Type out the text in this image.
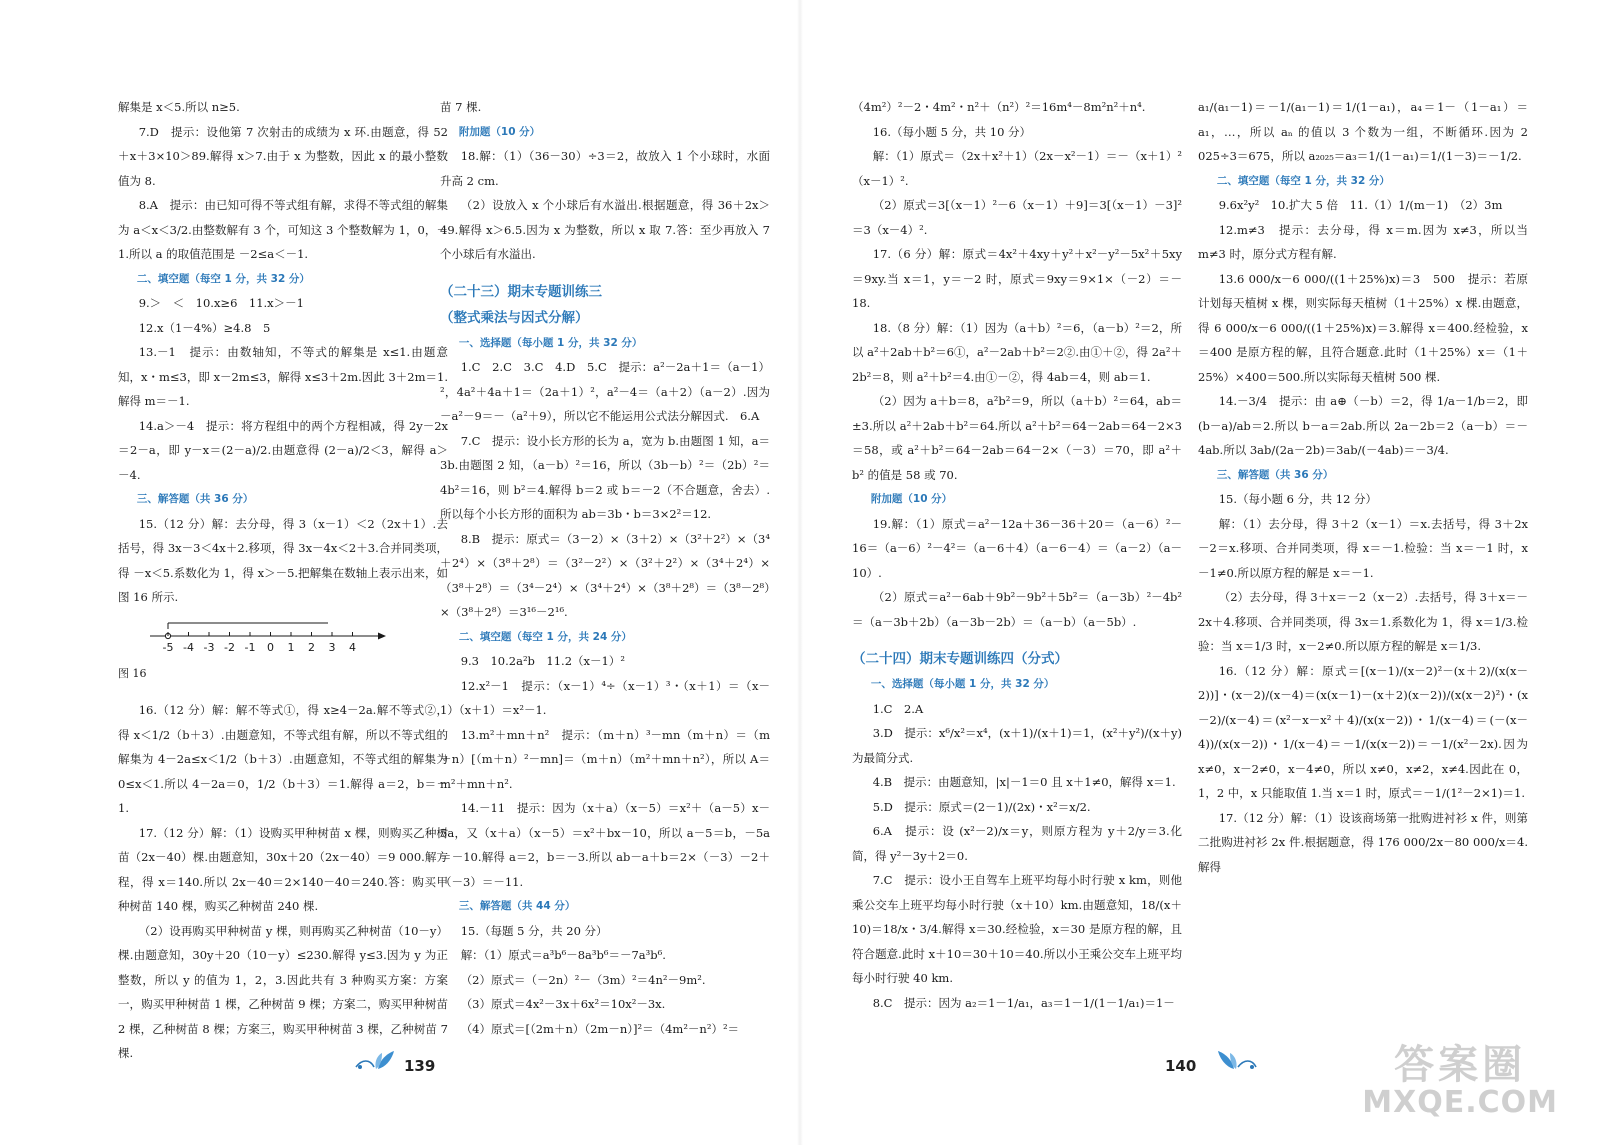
解集是 x＜5.所以 n≥5.

7.D　提示：设他第 7 次射击的成绩为 x 环.由题意，得 52＋x＋3×10＞89.解得 x＞7.由于 x 为整数，因此 x 的最小整数值为 8.

8.A　提示：由已知可得不等式组有解，求得不等式组的解集为 a＜x＜3/2.由整数解有 3 个，可知这 3 个整数解为 1，0，－1.所以 a 的取值范围是 －2≤a＜－1.

二、填空题（每空 1 分，共 32 分）

9.＞　＜　10.x≥6　11.x＞－1

12.x（1－4%）≥4.8　5

13.－1　提示：由数轴知，不等式的解集是 x≤1.由题意知，x・m≤3，即 x－2m≤3，解得 x≤3＋2m.因此 3＋2m＝1.解得 m＝－1.

14.a＞－4　提示：将方程组中的两个方程相减，得 2y－2x＝2－a，即 y－x＝(2－a)/2.由题意得 (2－a)/2＜3，解得 a＞－4.

三、解答题（共 36 分）

15.（12 分）解：去分母，得 3（x－1）＜2（2x＋1）.去括号，得 3x－3＜4x＋2.移项，得 3x－4x＜2＋3.合并同类项，得 －x＜5.系数化为 1，得 x＞－5.把解集在数轴上表示出来，如图 16 所示.

-5 -4 -3 -2 -1 0 1 2 3 4

图 16

16.（12 分）解：解不等式①，得 x≥4－2a.解不等式②，得 x＜1/2（b＋3）.由题意知，不等式组有解，所以不等式组的解集为 4－2a≤x＜1/2（b＋3）.由题意知，不等式组的解集为 0≤x＜1.所以 4－2a＝0，1/2（b＋3）＝1.解得 a＝2，b＝－1.

17.（12 分）解：（1）设购买甲种树苗 x 棵，则购买乙种树苗（2x－40）棵.由题意知，30x＋20（2x－40）＝9 000.解方程，得 x＝140.所以 2x－40＝2×140－40＝240.答：购买甲种树苗 140 棵，购买乙种树苗 240 棵.

（2）设再购买甲种树苗 y 棵，则再购买乙种树苗（10－y）棵.由题意知，30y＋20（10－y）≤230.解得 y≤3.因为 y 为正整数，所以 y 的值为 1，2，3.因此共有 3 种购买方案：方案一，购买甲种树苗 1 棵，乙种树苗 9 棵；方案二，购买甲种树苗 2 棵，乙种树苗 8 棵；方案三，购买甲种树苗 3 棵，乙种树苗 7 棵.

苗 7 棵.

附加题（10 分）

18.解：（1）（36－30）÷3＝2，故放入 1 个小球时，水面升高 2 cm.

（2）设放入 x 个小球后有水溢出.根据题意，得 36＋2x＞49.解得 x＞6.5.因为 x 为整数，所以 x 取 7.答：至少再放入 7 个小球后有水溢出.

（二十三）期末专题训练三

（整式乘法与因式分解）

一、选择题（每小题 1 分，共 32 分）

1.C　2.C　3.C　4.D　5.C　提示：a²－2a＋1＝（a－1）²，4a²＋4a＋1＝（2a＋1）²，a²－4＝（a＋2）（a－2）.因为－a²－9＝－（a²＋9），所以它不能运用公式法分解因式.　6.A

7.C　提示：设小长方形的长为 a，宽为 b.由题图 1 知，a＝3b.由题图 2 知，（a－b）²＝16，所以（3b－b）²＝（2b）²＝4b²＝16，则 b²＝4.解得 b＝2 或 b＝－2（不合题意，舍去）.所以每个小长方形的面积为 ab＝3b・b＝3×2²＝12.

8.B　提示：原式＝（3－2）×（3＋2）×（3²＋2²）×（3⁴＋2⁴）×（3⁸＋2⁸）＝（3²－2²）×（3²＋2²）×（3⁴＋2⁴）×（3⁸＋2⁸）＝（3⁴－2⁴）×（3⁴＋2⁴）×（3⁸＋2⁸）＝（3⁸－2⁸）×（3⁸＋2⁸）＝3¹⁶－2¹⁶.

二、填空题（每空 1 分，共 24 分）

9.3　10.2a²b　11.2（x－1）²

12.x²－1　提示：（x－1）⁴÷（x－1）³・（x＋1）＝（x－1）（x＋1）＝x²－1.

13.m²＋mn＋n²　提示：（m＋n）³－mn（m＋n）＝（m＋n）[（m＋n）²－mn]＝（m＋n）（m²＋mn＋n²），所以 A＝m²＋mn＋n².

14.－11　提示：因为（x＋a）（x－5）＝x²＋（a－5）x－5a，又（x＋a）（x－5）＝x²＋bx－10，所以 a－5＝b，－5a＝－10.解得 a＝2，b＝－3.所以 ab－a＋b＝2×（－3）－2＋（－3）＝－11.

三、解答题（共 44 分）

15.（每题 5 分，共 20 分）

解：（1）原式＝a³b⁶－8a³b⁶＝－7a³b⁶.

（2）原式＝（－2n）²－（3m）²＝4n²－9m².

（3）原式＝4x²－3x＋6x²＝10x²－3x.

（4）原式＝[（2m＋n）（2m－n）]²＝（4m²－n²）²＝

（4m²）²－2・4m²・n²＋（n²）²＝16m⁴－8m²n²＋n⁴.

16.（每小题 5 分，共 10 分）

解：（1）原式＝（2x＋x²＋1）（2x－x²－1）＝－（x＋1）²（x－1）².

（2）原式＝3[（x－1）²－6（x－1）＋9]＝3[（x－1）－3]²＝3（x－4）².

17.（6 分）解：原式＝4x²＋4xy＋y²＋x²－y²－5x²＋5xy＝9xy.当 x＝1，y＝－2 时，原式＝9xy＝9×1×（－2）＝－18.

18.（8 分）解：（1）因为（a＋b）²＝6，（a－b）²＝2，所以 a²＋2ab＋b²＝6①，a²－2ab＋b²＝2②.由①＋②，得 2a²＋2b²＝8，则 a²＋b²＝4.由①－②，得 4ab＝4，则 ab＝1.

（2）因为 a＋b＝8，a²b²＝9，所以（a＋b）²＝64，ab＝±3.所以 a²＋2ab＋b²＝64.所以 a²＋b²＝64－2ab＝64－2×3＝58，或 a²＋b²＝64－2ab＝64－2×（－3）＝70，即 a²＋b² 的值是 58 或 70.

附加题（10 分）

19.解：（1）原式＝a²－12a＋36－36＋20＝（a－6）²－16＝（a－6）²－4²＝（a－6＋4）（a－6－4）＝（a－2）（a－10）.

（2）原式＝a²－6ab＋9b²－9b²＋5b²＝（a－3b）²－4b²＝（a－3b＋2b）（a－3b－2b）＝（a－b）（a－5b）.

（二十四）期末专题训练四（分式）

一、选择题（每小题 1 分，共 32 分）

1.C　2.A

3.D　提示：x⁶/x²＝x⁴，(x＋1)/(x＋1)＝1，(x²＋y²)/(x＋y) 为最简分式.

4.B　提示：由题意知，|x|－1＝0 且 x＋1≠0，解得 x＝1.

5.D　提示：原式＝(2－1)/(2x)・x²＝x/2.

6.A　提示：设 (x²－2)/x＝y，则原方程为 y＋2/y＝3.化简，得 y²－3y＋2＝0.

7.C　提示：设小王自驾车上班平均每小时行驶 x km，则他乘公交车上班平均每小时行驶（x＋10）km.由题意知，18/(x＋10)＝18/x・3/4.解得 x＝30.经检验，x＝30 是原方程的解，且符合题意.此时 x＋10＝30＋10＝40.所以小王乘公交车上班平均每小时行驶 40 km.

8.C　提示：因为 a₂＝1－1/a₁，a₃＝1－1/(1－1/a₁)＝1－

a₁/(a₁－1)＝－1/(a₁－1)＝1/(1－a₁)，a₄＝1－（1－a₁）＝a₁，…，所以 aₙ 的值以 3 个数为一组，不断循环.因为 2 025÷3＝675，所以 a₂₀₂₅＝a₃＝1/(1－a₁)＝1/(1－3)＝－1/2.

二、填空题（每空 1 分，共 32 分）

9.6x²y²　10.扩大 5 倍　11.（1）1/(m－1)　（2）3m

12.m≠3　提示：去分母，得 x＝m.因为 x≠3，所以当 m≠3 时，原分式方程有解.

13.6 000/x－6 000/((1＋25%)x)＝3　500　提示：若原计划每天植树 x 棵，则实际每天植树（1＋25%）x 棵.由题意，得 6 000/x－6 000/((1＋25%)x)＝3.解得 x＝400.经检验，x＝400 是原方程的解，且符合题意.此时（1＋25%）x＝（1＋25%）×400＝500.所以实际每天植树 500 棵.

14.－3/4　提示：由 a⊕（－b）＝2，得 1/a－1/b＝2，即 (b－a)/ab＝2.所以 b－a＝2ab.所以 2a－2b＝2（a－b）＝－4ab.所以 3ab/(2a－2b)＝3ab/(－4ab)＝－3/4.

三、解答题（共 36 分）

15.（每小题 6 分，共 12 分）

解：（1）去分母，得 3＋2（x－1）＝x.去括号，得 3＋2x－2＝x.移项、合并同类项，得 x＝－1.检验：当 x＝－1 时，x－1≠0.所以原方程的解是 x＝－1.

（2）去分母，得 3＋x＝－2（x－2）.去括号，得 3＋x＝－2x＋4.移项、合并同类项，得 3x＝1.系数化为 1，得 x＝1/3.检验：当 x＝1/3 时，x－2≠0.所以原方程的解是 x＝1/3.

16.（12 分）解：原式＝[(x－1)/(x－2)²－(x＋2)/(x(x－2))]・(x－2)/(x－4)＝(x(x－1)－(x＋2)(x－2))/(x(x－2)²)・(x－2)/(x－4)＝(x²－x－x²＋4)/(x(x－2))・1/(x－4)＝(－(x－4))/(x(x－2))・1/(x－4)＝－1/(x(x－2))＝－1/(x²－2x).因为 x≠0，x－2≠0，x－4≠0，所以 x≠0，x≠2，x≠4.因此在 0，1，2 中，x 只能取值 1.当 x＝1 时，原式＝－1/(1²－2×1)＝1.

17.（12 分）解：（1）设该商场第一批购进衬衫 x 件，则第二批购进衬衫 2x 件.根据题意，得 176 000/2x－80 000/x＝4.解得

139	140	答案圈
MXQE.COM
